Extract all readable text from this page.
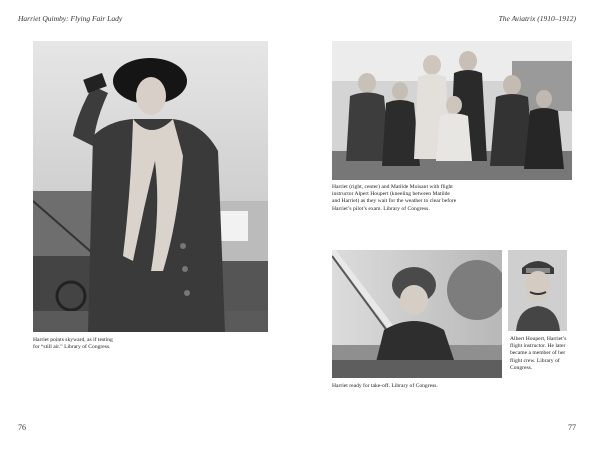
Harriet Quimby: Flying Fair Lady
Harriet points skyward, as if testing
for “still air.” Library of Congress.
76
The Aviatrix (1910–1912)
Harriet (right, center) and Matilde Moisant with flight
instructor Alpert Houpert (kneeling between Matilde
and Harriet) as they wait for the weather to clear before
Harriet’s pilot’s exam. Library of Congress.
Harriet ready for take-off. Library of Congress.
Albert Houpert, Harriet’s
flight instructor. He later
became a member of her
flight crew. Library of
Congress.
77
